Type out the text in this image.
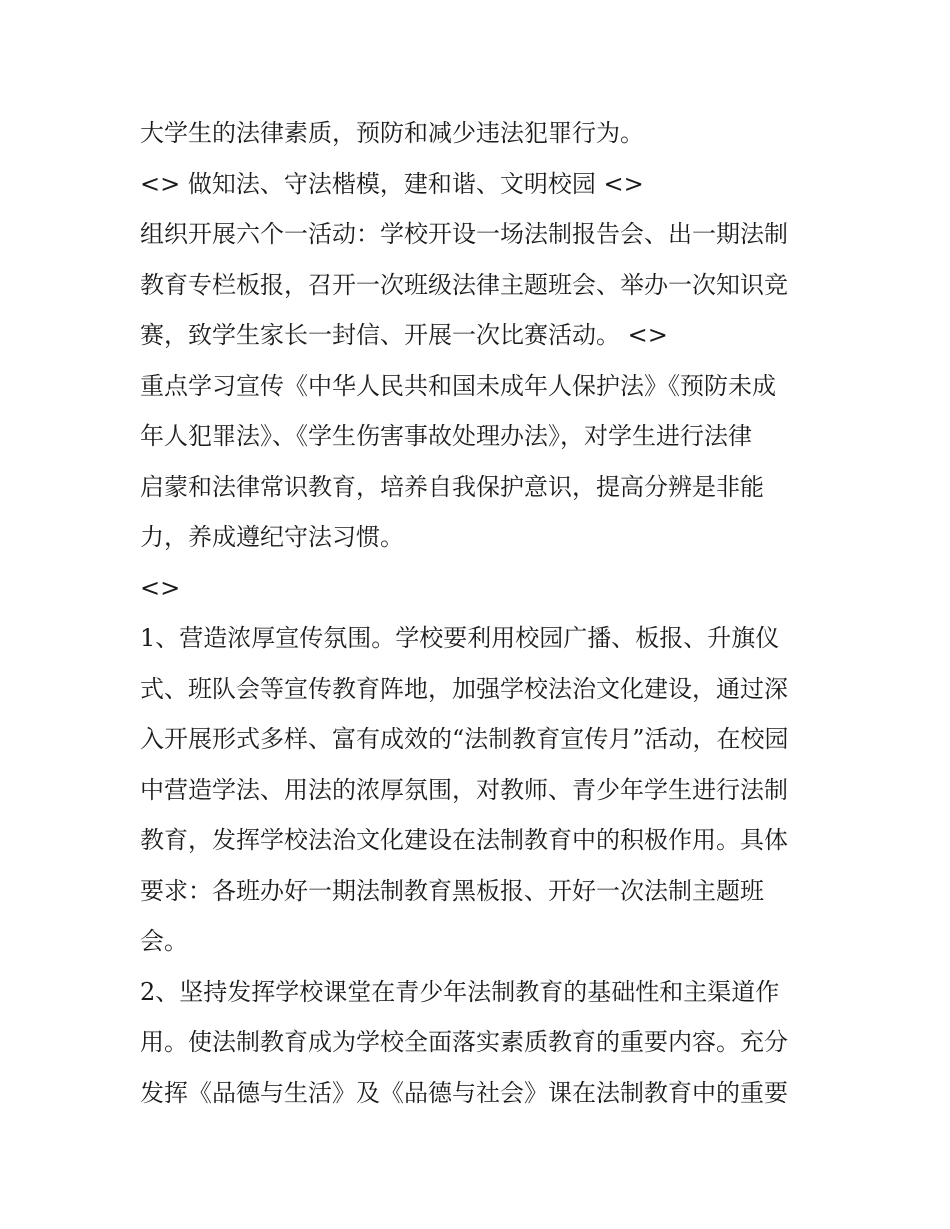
大学生的法律素质，预防和减少违法犯罪行为。

<> 做知法、守法楷模，建和谐、文明校园 <>

组织开展六个一活动：学校开设一场法制报告会、出一期法制
教育专栏板报，召开一次班级法律主题班会、举办一次知识竞
赛，致学生家长一封信、开展一次比赛活动。 <>

重点学习宣传《中华人民共和国未成年人保护法》《预防未成
年人犯罪法》、《学生伤害事故处理办法》，对学生进行法律
启蒙和法律常识教育，培养自我保护意识，提高分辨是非能
力，养成遵纪守法习惯。

<>

1、营造浓厚宣传氛围。学校要利用校园广播、板报、升旗仪
式、班队会等宣传教育阵地，加强学校法治文化建设，通过深
入开展形式多样、富有成效的“法制教育宣传月”活动，在校园
中营造学法、用法的浓厚氛围，对教师、青少年学生进行法制
教育，发挥学校法治文化建设在法制教育中的积极作用。具体
要求：各班办好一期法制教育黑板报、开好一次法制主题班
会。

2、坚持发挥学校课堂在青少年法制教育的基础性和主渠道作
用。使法制教育成为学校全面落实素质教育的重要内容。充分
发挥《品德与生活》及《品德与社会》课在法制教育中的重要
